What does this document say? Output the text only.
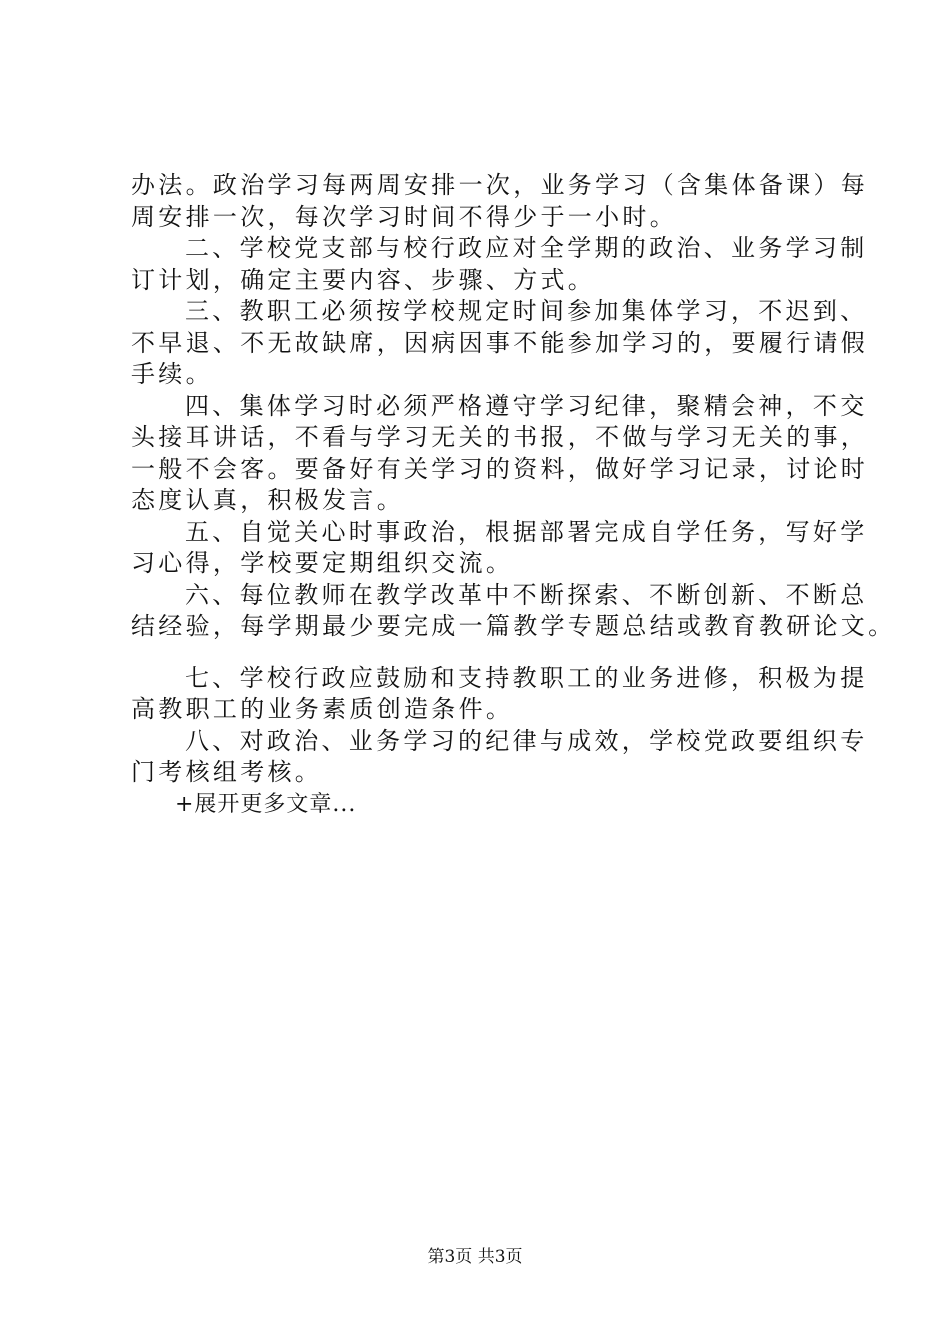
办法。政治学习每两周安排一次，业务学习（含集体备课）每
周安排一次，每次学习时间不得少于一小时。
二、学校党支部与校行政应对全学期的政治、业务学习制
订计划，确定主要内容、步骤、方式。
三、教职工必须按学校规定时间参加集体学习，不迟到、
不早退、不无故缺席，因病因事不能参加学习的，要履行请假
手续。
四、集体学习时必须严格遵守学习纪律，聚精会神，不交
头接耳讲话，不看与学习无关的书报，不做与学习无关的事，
一般不会客。要备好有关学习的资料，做好学习记录，讨论时
态度认真，积极发言。
五、自觉关心时事政治，根据部署完成自学任务，写好学
习心得，学校要定期组织交流。
六、每位教师在教学改革中不断探索、不断创新、不断总
结经验，每学期最少要完成一篇教学专题总结或教育教研论文。
七、学校行政应鼓励和支持教职工的业务进修，积极为提
高教职工的业务素质创造条件。
八、对政治、业务学习的纪律与成效，学校党政要组织专
门考核组考核。
+展开更多文章...
第3页 共3页
